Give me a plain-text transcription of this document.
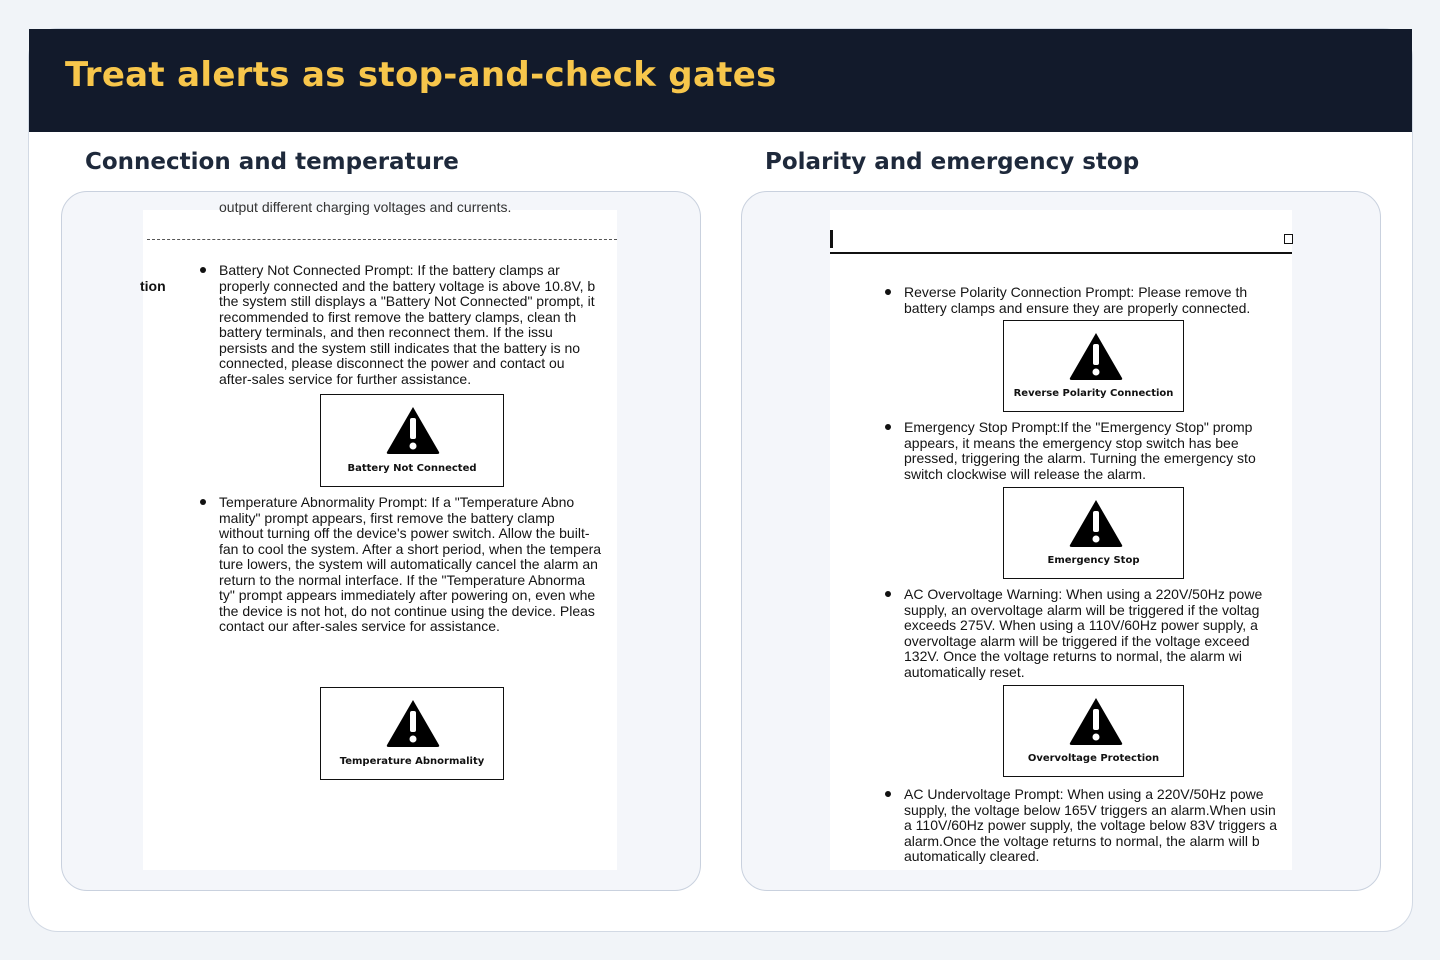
Treat alerts as stop-and-check gates
Connection and temperature
output different charging voltages and currents.
tion
Battery Not Connected Prompt: If the battery clamps ar
properly connected and the battery voltage is above 10.8V, b
the system still displays a "Battery Not Connected" prompt, it
recommended to first remove the battery clamps, clean th
battery terminals, and then reconnect them. If the issu
persists and the system still indicates that the battery is no
connected, please disconnect the power and contact ou
after-sales service for further assistance.
Battery Not Connected
Temperature Abnormality Prompt: If a "Temperature Abno
mality" prompt appears, first remove the battery clamp
without turning off the device's power switch. Allow the built-
fan to cool the system. After a short period, when the tempera
ture lowers, the system will automatically cancel the alarm an
return to the normal interface. If the "Temperature Abnorma
ty" prompt appears immediately after powering on, even whe
the device is not hot, do not continue using the device. Pleas
contact our after-sales service for assistance.
Temperature Abnormality
Polarity and emergency stop
Reverse Polarity Connection Prompt: Please remove th
battery clamps and ensure they are properly connected.
Reverse Polarity Connection
Emergency Stop Prompt:If the "Emergency Stop" promp
appears, it means the emergency stop switch has bee
pressed, triggering the alarm. Turning the emergency sto
switch clockwise will release the alarm.
Emergency Stop
AC Overvoltage Warning: When using a 220V/50Hz powe
supply, an overvoltage alarm will be triggered if the voltag
exceeds 275V. When using a 110V/60Hz power supply, a
overvoltage alarm will be triggered if the voltage exceed
132V. Once the voltage returns to normal, the alarm wi
automatically reset.
Overvoltage Protection
AC Undervoltage Prompt: When using a 220V/50Hz powe
supply, the voltage below 165V triggers an alarm.When usin
a 110V/60Hz power supply, the voltage below 83V triggers a
alarm.Once the voltage returns to normal, the alarm will b
automatically cleared.
